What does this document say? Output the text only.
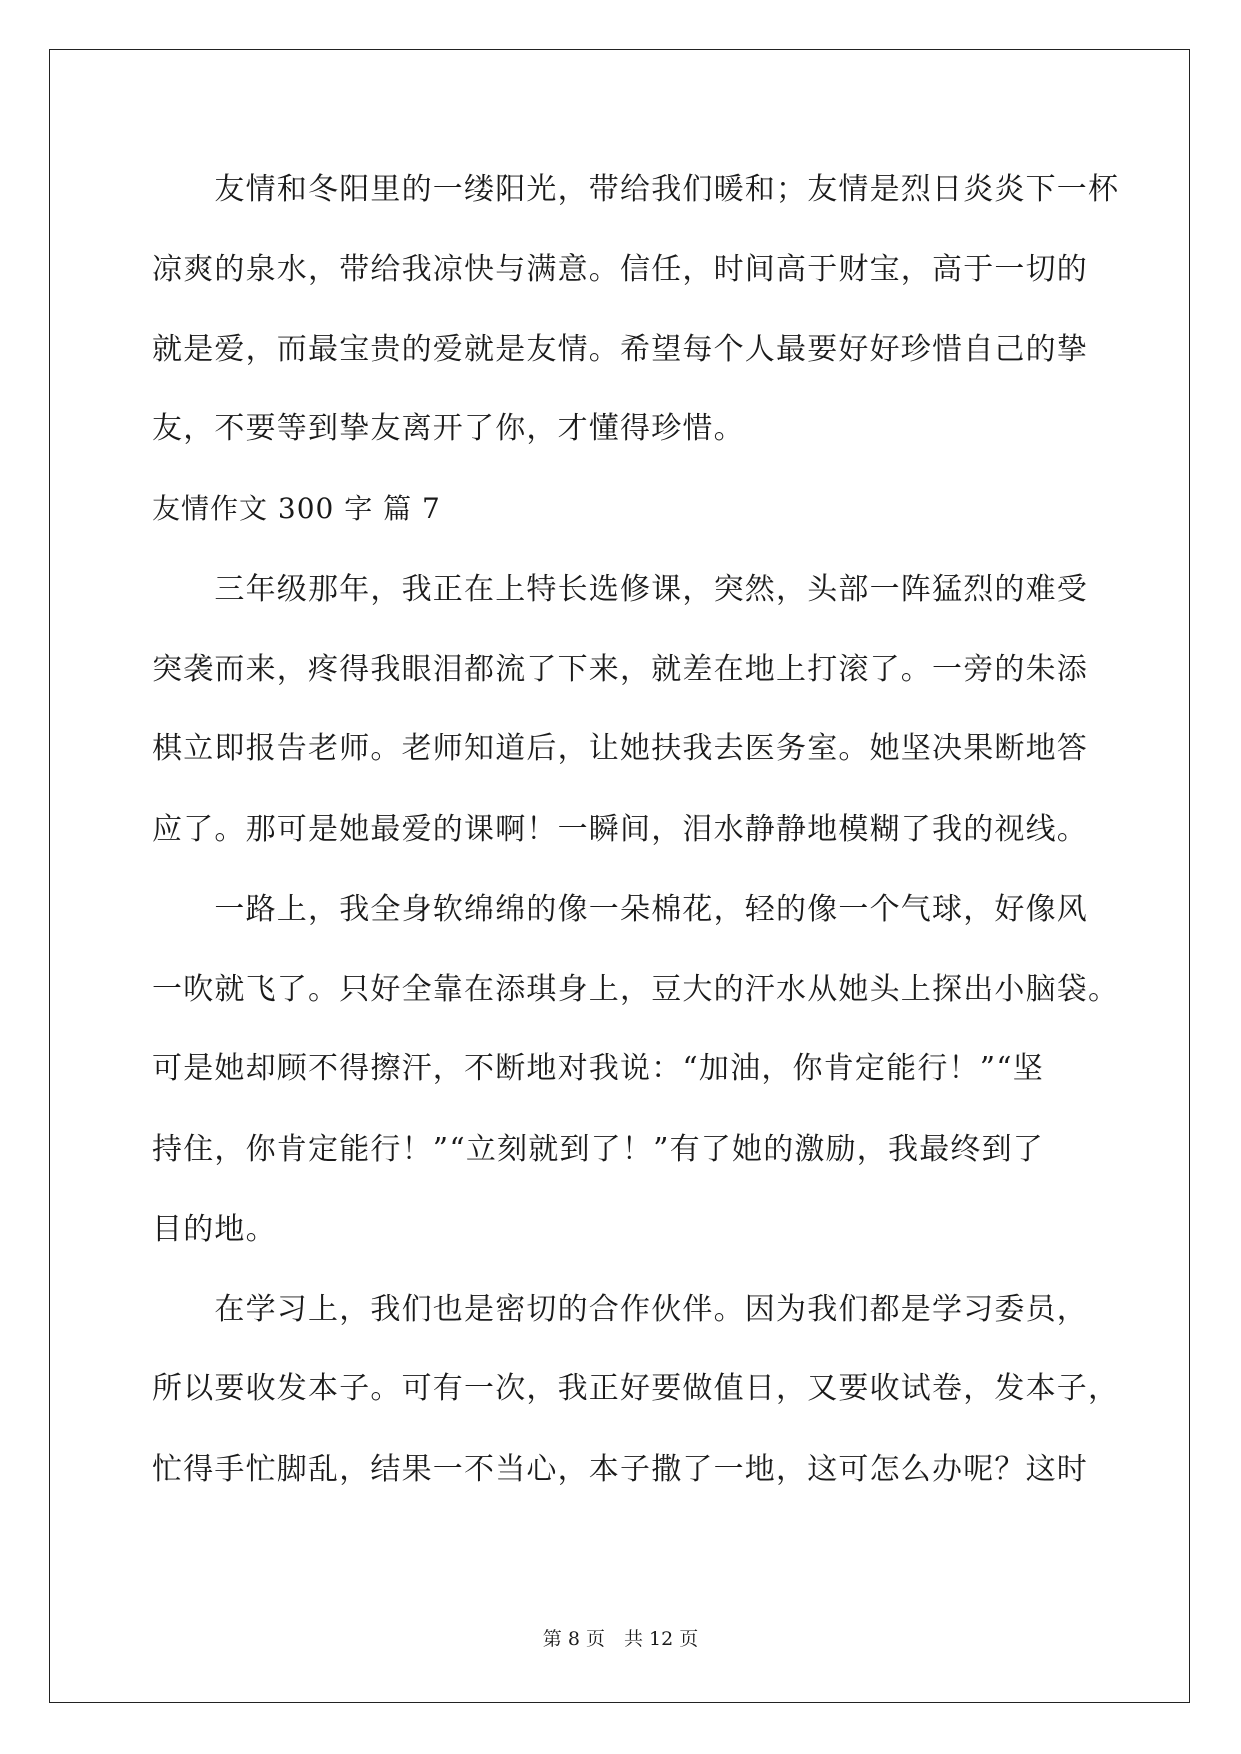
　　友情和冬阳里的一缕阳光，带给我们暖和；友情是烈日炎炎下一杯
凉爽的泉水，带给我凉快与满意。信任，时间高于财宝，高于一切的
就是爱，而最宝贵的爱就是友情。希望每个人最要好好珍惜自己的挚
友，不要等到挚友离开了你，才懂得珍惜。
友情作文 300 字 篇 7
　　三年级那年，我正在上特长选修课，突然，头部一阵猛烈的难受
突袭而来，疼得我眼泪都流了下来，就差在地上打滚了。一旁的朱添
棋立即报告老师。老师知道后，让她扶我去医务室。她坚决果断地答
应了。那可是她最爱的课啊！一瞬间，泪水静静地模糊了我的视线。
　　一路上，我全身软绵绵的像一朵棉花，轻的像一个气球，好像风
一吹就飞了。只好全靠在添琪身上，豆大的汗水从她头上探出小脑袋。
可是她却顾不得擦汗，不断地对我说：“加油，你肯定能行！”“坚
持住，你肯定能行！”“立刻就到了！”有了她的激励，我最终到了
目的地。
　　在学习上，我们也是密切的合作伙伴。因为我们都是学习委员，
所以要收发本子。可有一次，我正好要做值日，又要收试卷，发本子，
忙得手忙脚乱，结果一不当心，本子撒了一地，这可怎么办呢？这时
第 8 页　共 12 页
